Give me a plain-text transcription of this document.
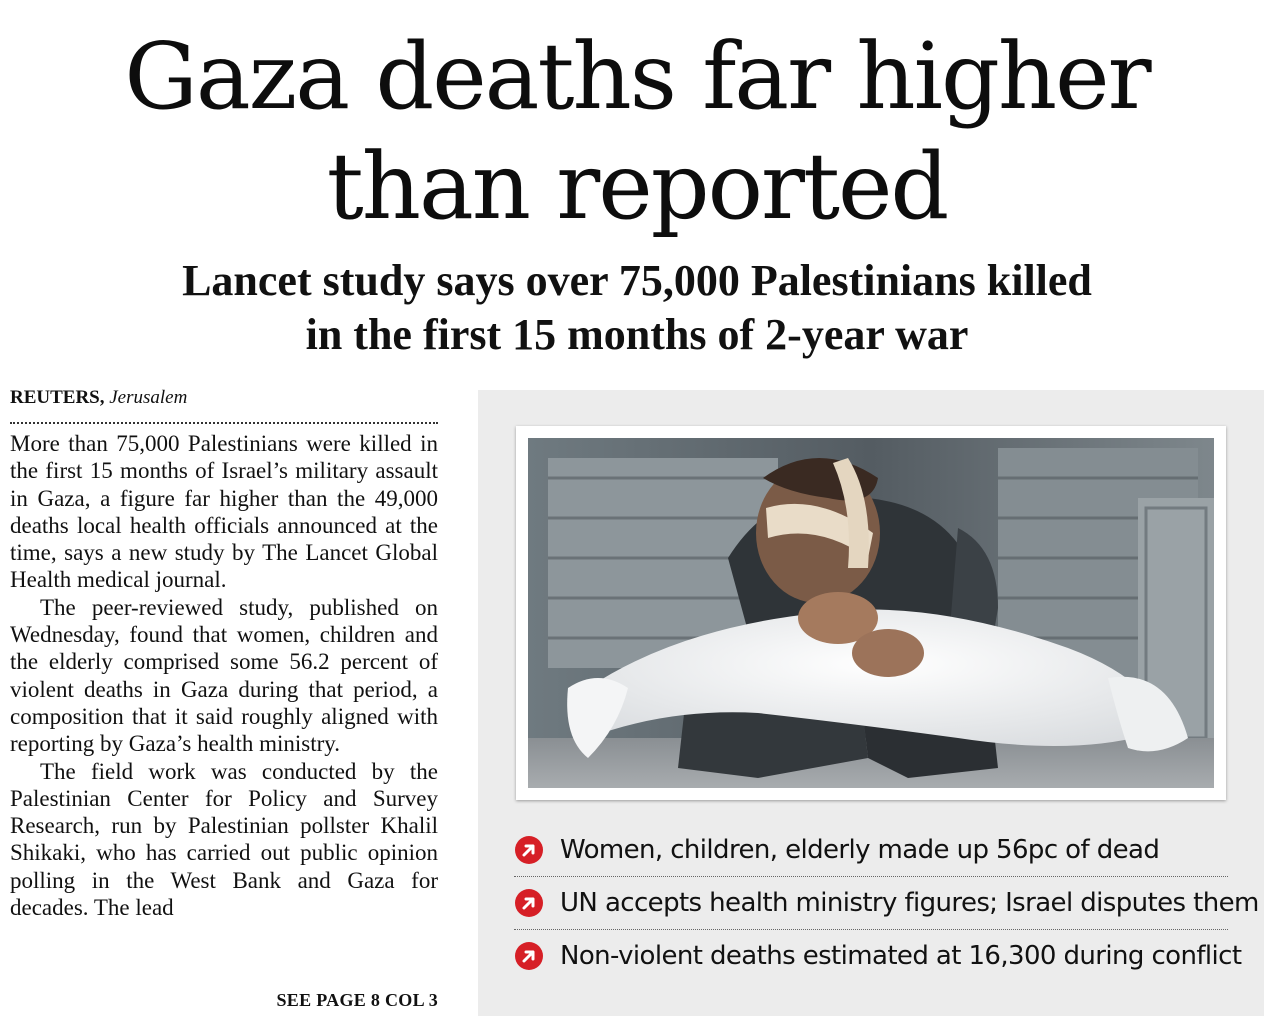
Gaza deaths far higher
than reported
Lancet study says over 75,000 Palestinians killed
in the first 15 months of 2-year war
REUTERS, Jerusalem

More than 75,000 Palestinians were killed in the first 15 months of Israel’s military assault in Gaza, a figure far higher than the 49,000 deaths local health officials announced at the time, says a new study by The Lancet Global Health medical journal.

The peer-reviewed study, published on Wednesday, found that women, children and the elderly comprised some 56.2 percent of violent deaths in Gaza during that period, a composition that it said roughly aligned with reporting by Gaza’s health ministry.

The field work was conducted by the Palestinian Center for Policy and Survey Research, run by Palestinian pollster Khalil Shikaki, who has carried out public opinion polling in the West Bank and Gaza for decades. The lead

SEE PAGE 8 COL 3
Women, children, elderly made up 56pc of dead
UN accepts health ministry figures; Israel disputes them
Non-violent deaths estimated at 16,300 during conflict
